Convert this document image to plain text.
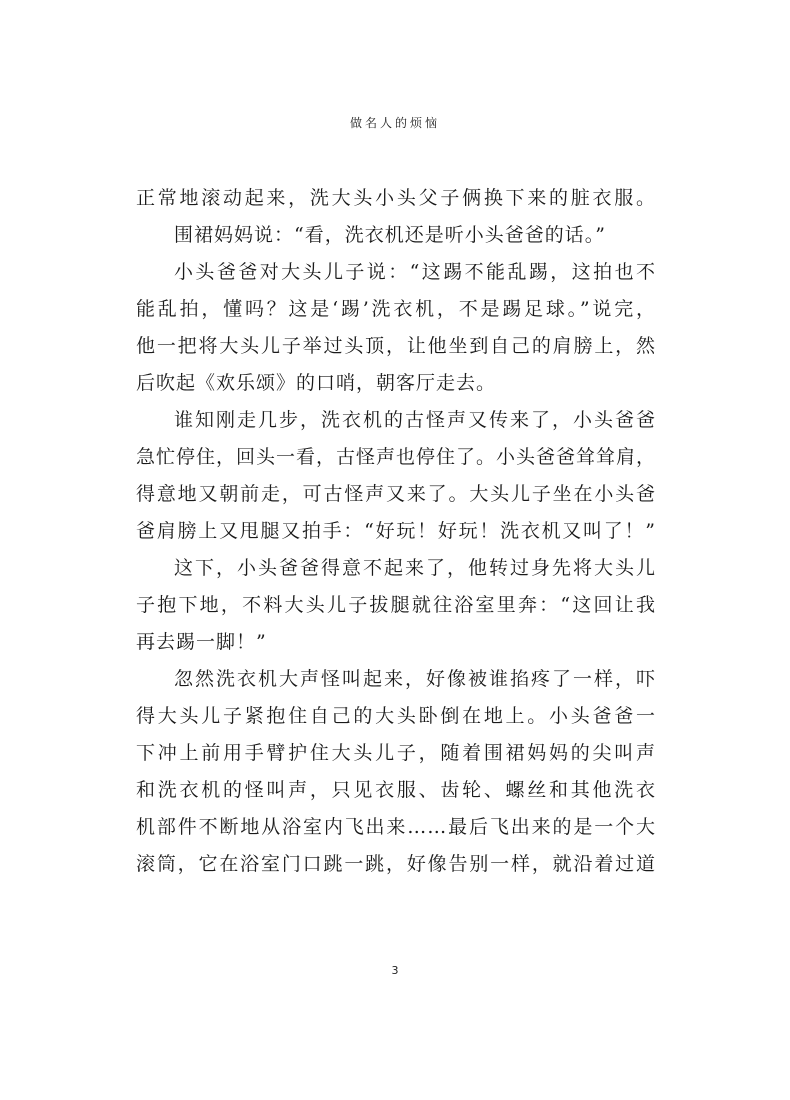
做名人的烦恼
正常地滚动起来，洗大头小头父子俩换下来的脏衣服。
围裙妈妈说：“看，洗衣机还是听小头爸爸的话。”
小头爸爸对大头儿子说：“这踢不能乱踢，这拍也不
能乱拍，懂吗？这是‘踢’洗衣机，不是踢足球。”说完，
他一把将大头儿子举过头顶，让他坐到自己的肩膀上，然
后吹起《欢乐颂》的口哨，朝客厅走去。
谁知刚走几步，洗衣机的古怪声又传来了，小头爸爸
急忙停住，回头一看，古怪声也停住了。小头爸爸耸耸肩，
得意地又朝前走，可古怪声又来了。大头儿子坐在小头爸
爸肩膀上又甩腿又拍手：“好玩！好玩！洗衣机又叫了！”
这下，小头爸爸得意不起来了，他转过身先将大头儿
子抱下地，不料大头儿子拔腿就往浴室里奔：“这回让我
再去踢一脚！”
忽然洗衣机大声怪叫起来，好像被谁掐疼了一样，吓
得大头儿子紧抱住自己的大头卧倒在地上。小头爸爸一
下冲上前用手臂护住大头儿子，随着围裙妈妈的尖叫声
和洗衣机的怪叫声，只见衣服、齿轮、螺丝和其他洗衣
机部件不断地从浴室内飞出来……最后飞出来的是一个大
滚筒，它在浴室门口跳一跳，好像告别一样，就沿着过道
3
